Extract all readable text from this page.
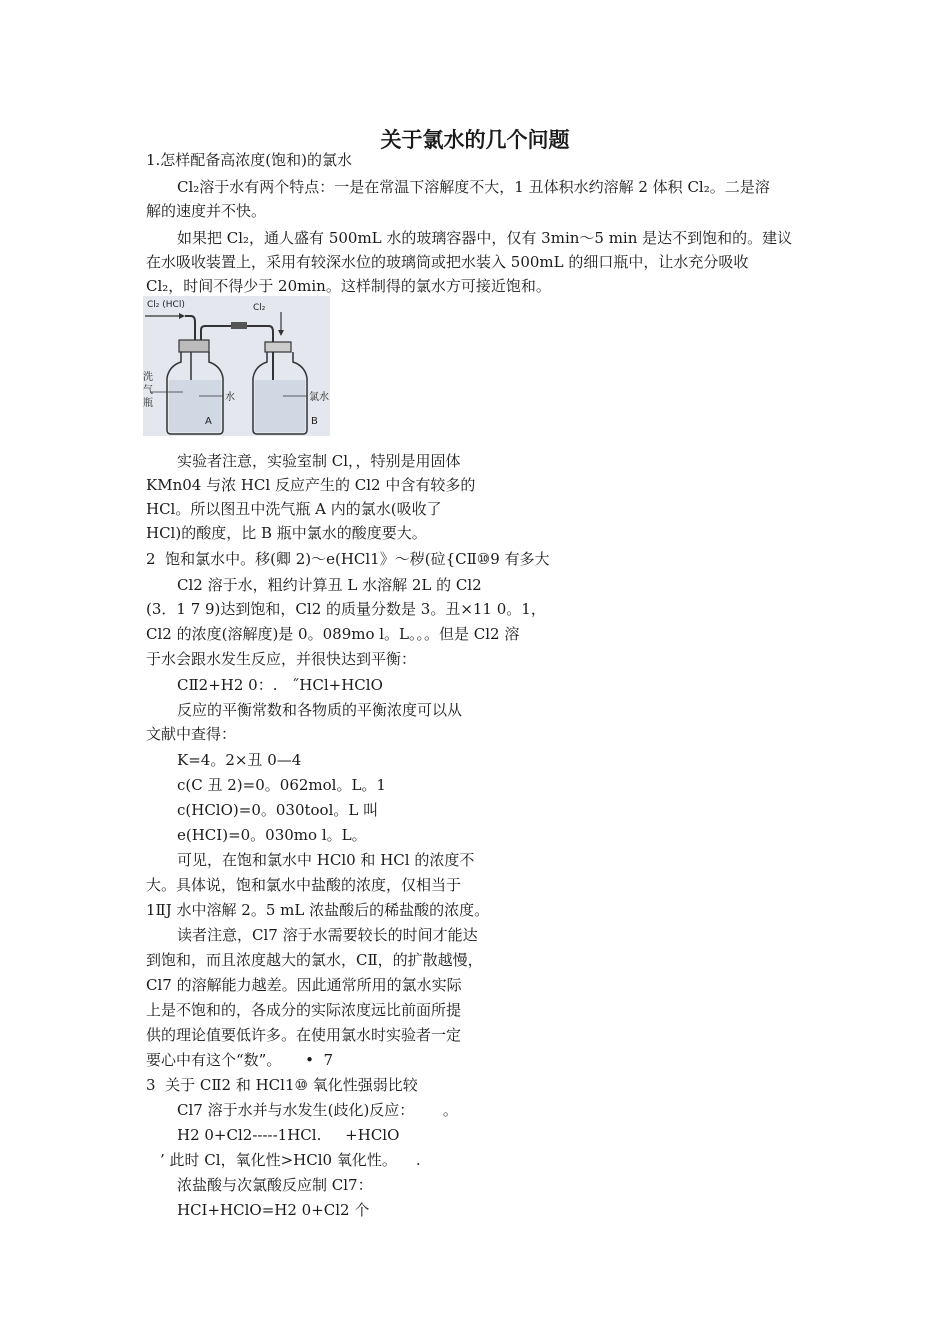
关于氯水的几个问题

1.怎样配备高浓度(饱和)的氯水

Cl₂溶于水有两个特点：一是在常温下溶解度不大，1 丑体积水约溶解 2 体积 Cl₂。二是溶

解的速度并不快。

如果把 Cl₂，通人盛有 500mL 水的玻璃容器中，仅有 3min～5 min 是达不到饱和的。建议

在水吸收装置上，采用有较深水位的玻璃筒或把水装入 500mL 的细口瓶中，让水充分吸收

Cl₂，时间不得少于 20min。这样制得的氯水方可接近饱和。

Cl₂ (HCl)	Cl₂
洗
气
瓶
水	氯水
A	B

实验者注意，实验室制 Cl，，特别是用固体

KMn04 与浓 HCl 反应产生的 Cl2 中含有较多的

HCl。所以图丑中洗气瓶 A 内的氯水(吸收了

HCl)的酸度，比 B 瓶中氯水的酸度要大。

2  饱和氯水中。移(卿 2)～e(HCl1》～秽(砬{CⅡ⑩9 有多大

Cl2 溶于水，粗约计算丑 L 水溶解 2L 的 Cl2

(3．1 7 9)达到饱和，Cl2 的质量分数是 3。丑×11 0。1，

Cl2 的浓度(溶解度)是 0。089mo l。L。。。但是 Cl2 溶

于水会跟水发生反应，并很快达到平衡：

CⅡ2+H2 0：.   ˝HCl+HClO

反应的平衡常数和各物质的平衡浓度可以从

文献中查得：

K=4。2×丑 0—4

c(C 丑 2)=0。062mol。L。1

c(HClO)=0。030tool。L 叫

e(HCI)=0。030mo l。L。

可见，在饱和氯水中 HCl0 和 HCl 的浓度不

大。具体说，饱和氯水中盐酸的浓度，仅相当于

1ⅡJ 水中溶解 2。5 mL 浓盐酸后的稀盐酸的浓度。

读者注意，Cl7 溶于水需要较长的时间才能达

到饱和，而且浓度越大的氯水，CⅡ，的扩散越慢，

Cl7 的溶解能力越差。因此通常所用的氯水实际

上是不饱和的，各成分的实际浓度远比前面所提

供的理论值要低许多。在使用氯水时实验者一定

要心中有这个“数”。     •  7

3  关于 CⅡ2 和 HCl1⑩ 氧化性强弱比较

Cl7 溶于水并与水发生(歧化)反应：      。

H2 0+Cl2-----1HCl.     +HClO

’ 此时 Cl，氧化性>HCl0 氧化性。    .

浓盐酸与次氯酸反应制 Cl7：

HCI+HClO=H2 0+Cl2 个
